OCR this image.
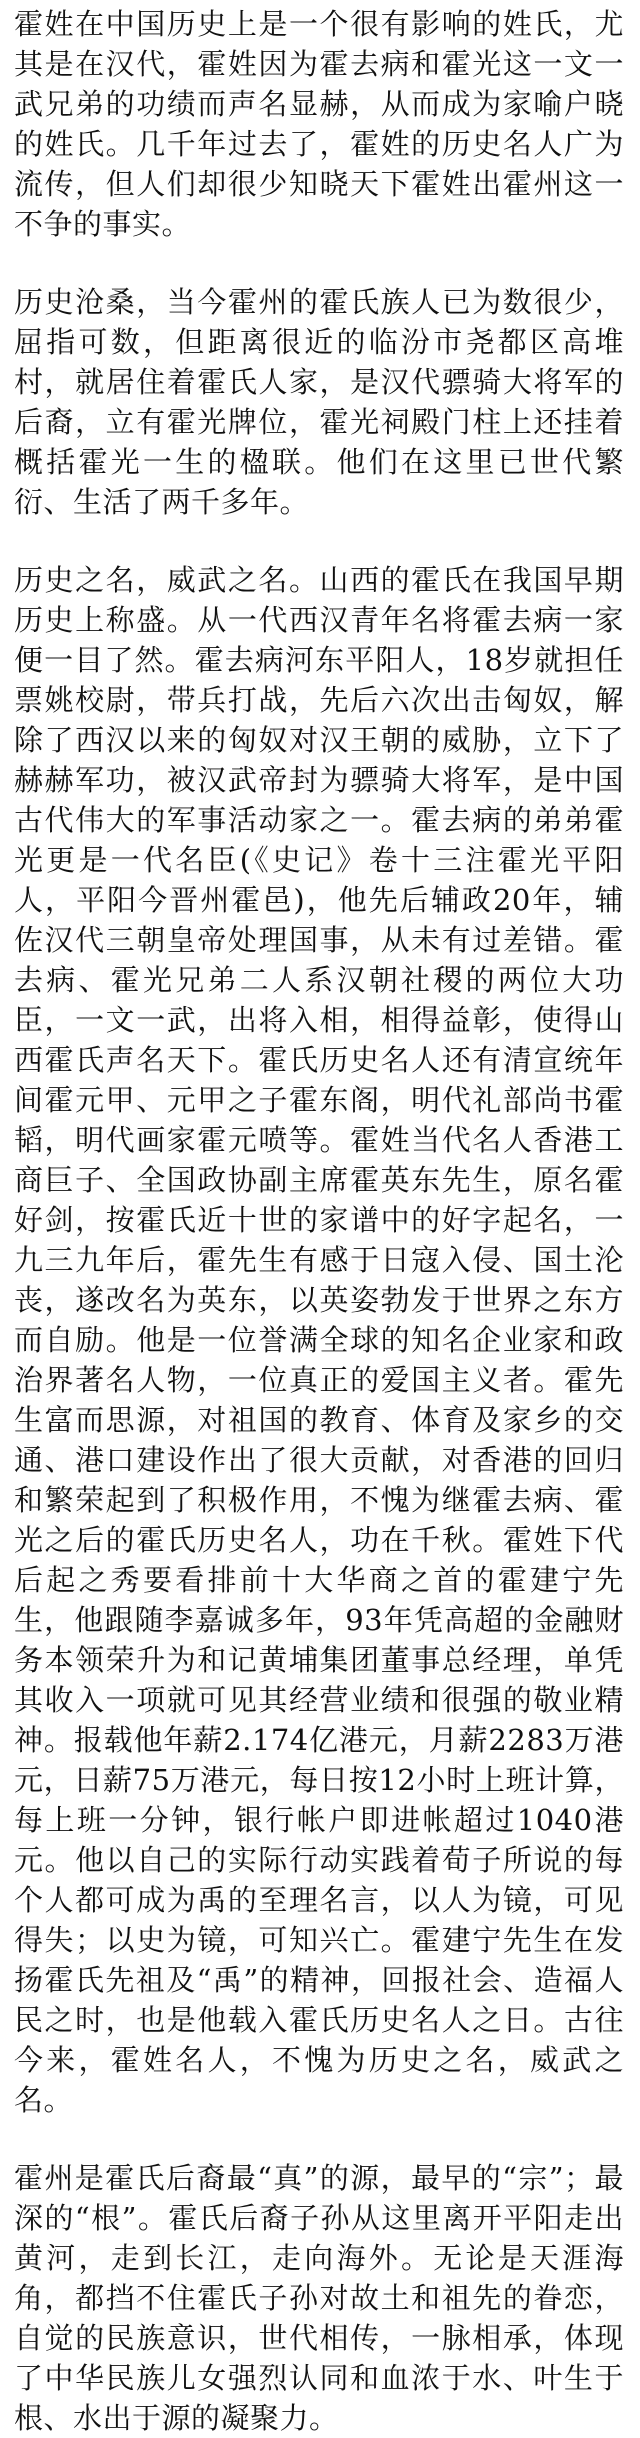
霍姓在中国历史上是一个很有影响的姓氏，尤其是在汉代，霍姓因为霍去病和霍光这一文一武兄弟的功绩而声名显赫，从而成为家喻户晓的姓氏。几千年过去了，霍姓的历史名人广为流传，但人们却很少知晓天下霍姓出霍州这一不争的事实。

历史沧桑，当今霍州的霍氏族人已为数很少，屈指可数，但距离很近的临汾市尧都区高堆村，就居住着霍氏人家，是汉代骠骑大将军的后裔，立有霍光牌位，霍光祠殿门柱上还挂着概括霍光一生的楹联。他们在这里已世代繁衍、生活了两千多年。

历史之名，威武之名。山西的霍氏在我国早期历史上称盛。从一代西汉青年名将霍去病一家便一目了然。霍去病河东平阳人，18岁就担任票姚校尉，带兵打战，先后六次出击匈奴，解除了西汉以来的匈奴对汉王朝的威胁，立下了赫赫军功，被汉武帝封为骠骑大将军，是中国古代伟大的军事活动家之一。霍去病的弟弟霍光更是一代名臣(《史记》卷十三注霍光平阳人，平阳今晋州霍邑)，他先后辅政20年，辅佐汉代三朝皇帝处理国事，从未有过差错。霍去病、霍光兄弟二人系汉朝社稷的两位大功臣，一文一武，出将入相，相得益彰，使得山西霍氏声名天下。霍氏历史名人还有清宣统年间霍元甲、元甲之子霍东阁，明代礼部尚书霍韬，明代画家霍元喷等。霍姓当代名人香港工商巨子、全国政协副主席霍英东先生，原名霍好剑，按霍氏近十世的家谱中的好字起名，一九三九年后，霍先生有感于日寇入侵、国土沦丧，遂改名为英东，以英姿勃发于世界之东方而自励。他是一位誉满全球的知名企业家和政治界著名人物，一位真正的爱国主义者。霍先生富而思源，对祖国的教育、体育及家乡的交通、港口建设作出了很大贡献，对香港的回归和繁荣起到了积极作用，不愧为继霍去病、霍光之后的霍氏历史名人，功在千秋。霍姓下代后起之秀要看排前十大华商之首的霍建宁先生，他跟随李嘉诚多年，93年凭高超的金融财务本领荣升为和记黄埔集团董事总经理，单凭其收入一项就可见其经营业绩和很强的敬业精神。报载他年薪2.174亿港元，月薪2283万港元，日薪75万港元，每日按12小时上班计算，每上班一分钟，银行帐户即进帐超过1040港元。他以自己的实际行动实践着荀子所说的每个人都可成为禹的至理名言，以人为镜，可见得失；以史为镜，可知兴亡。霍建宁先生在发扬霍氏先祖及“禹”的精神，回报社会、造福人民之时，也是他载入霍氏历史名人之日。古往今来，霍姓名人，不愧为历史之名，威武之名。

霍州是霍氏后裔最“真”的源，最早的“宗”；最深的“根”。霍氏后裔子孙从这里离开平阳走出黄河，走到长江，走向海外。无论是天涯海角，都挡不住霍氏子孙对故土和祖先的眷恋，自觉的民族意识，世代相传，一脉相承，体现了中华民族儿女强烈认同和血浓于水、叶生于根、水出于源的凝聚力。
